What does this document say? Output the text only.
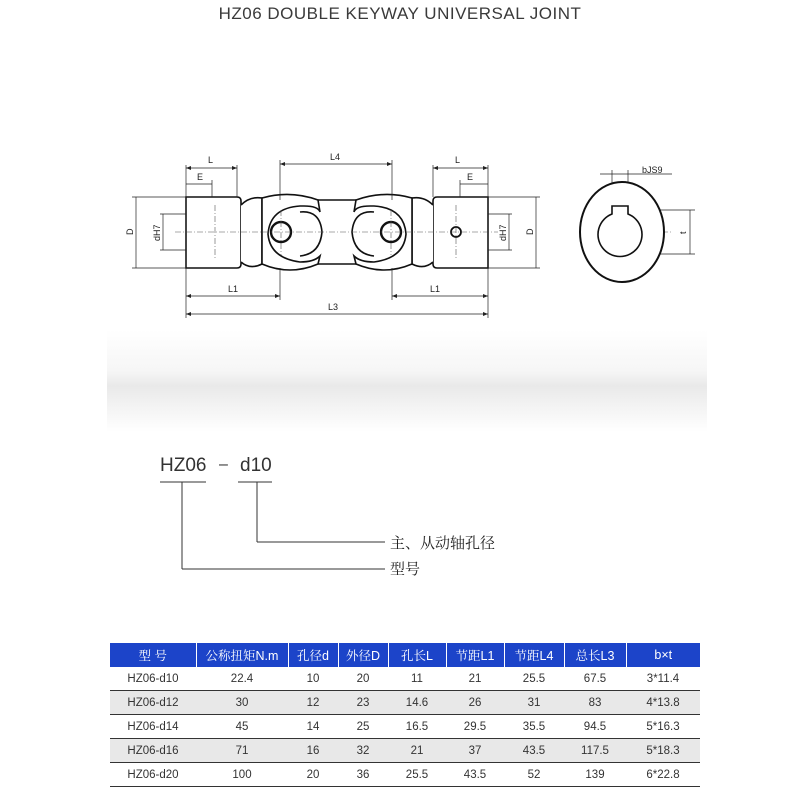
HZ06 DOUBLE KEYWAY UNIVERSAL JOINT
L
E
L4	L
E
L1	L1
L3
D dH7	dH7 D
bJS9
t
HZ06 – d10
主、从动轴孔径
型号
型 号	公称扭矩N.m	孔径d	外径D	孔长L	节距L1	节距L4	总长L3	b×t
HZ06-d10	22.4	10	20	11	21	25.5	67.5	3*11.4
HZ06-d12	30	12	23	14.6	26	31	83	4*13.8
HZ06-d14	45	14	25	16.5	29.5	35.5	94.5	5*16.3
HZ06-d16	71	16	32	21	37	43.5	117.5	5*18.3
HZ06-d20	100	20	36	25.5	43.5	52	139	6*22.8
